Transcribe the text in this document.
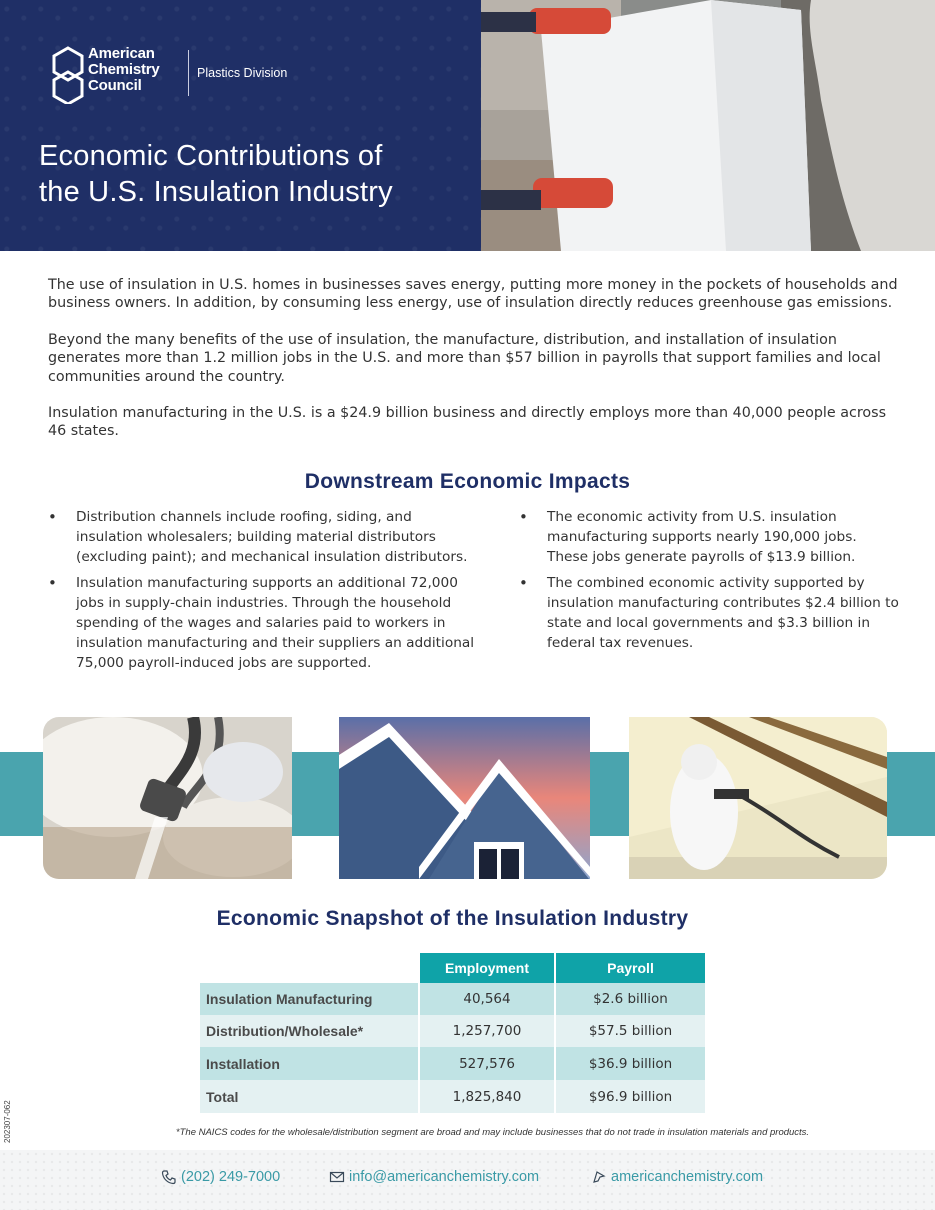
American
Chemistry
Council
Plastics Division
Economic Contributions of
the U.S. Insulation Industry

The use of insulation in U.S. homes in businesses saves energy, putting more money in the pockets of households and business owners. In addition, by consuming less energy, use of insulation directly reduces greenhouse gas emissions.

Beyond the many benefits of the use of insulation, the manufacture, distribution, and installation of insulation generates more than 1.2 million jobs in the U.S. and more than $57 billion in payrolls that support families and local communities around the country.

Insulation manufacturing in the U.S. is a $24.9 billion business and directly employs more than 40,000 people across 46 states.

Downstream Economic Impacts
• Distribution channels include roofing, siding, and insulation wholesalers; building material distributors (excluding paint); and mechanical insulation distributors.
• Insulation manufacturing supports an additional 72,000 jobs in supply-chain industries. Through the household spending of the wages and salaries paid to workers in insulation manufacturing and their suppliers an additional 75,000 payroll-induced jobs are supported.
• The economic activity from U.S. insulation manufacturing supports nearly 190,000 jobs. These jobs generate payrolls of $13.9 billion.
• The combined economic activity supported by insulation manufacturing contributes $2.4 billion to state and local governments and $3.3 billion in federal tax revenues.
Economic Snapshot of the Insulation Industry
	Employment	Payroll
Insulation Manufacturing	40,564	$2.6 billion
Distribution/Wholesale*	1,257,700	$57.5 billion
Installation	527,576	$36.9 billion
Total	1,825,840	$96.9 billion
*The NAICS codes for the wholesale/distribution segment are broad and may include businesses that do not trade in insulation materials and products.
202307-062
(202) 249-7000	info@americanchemistry.com	americanchemistry.com
